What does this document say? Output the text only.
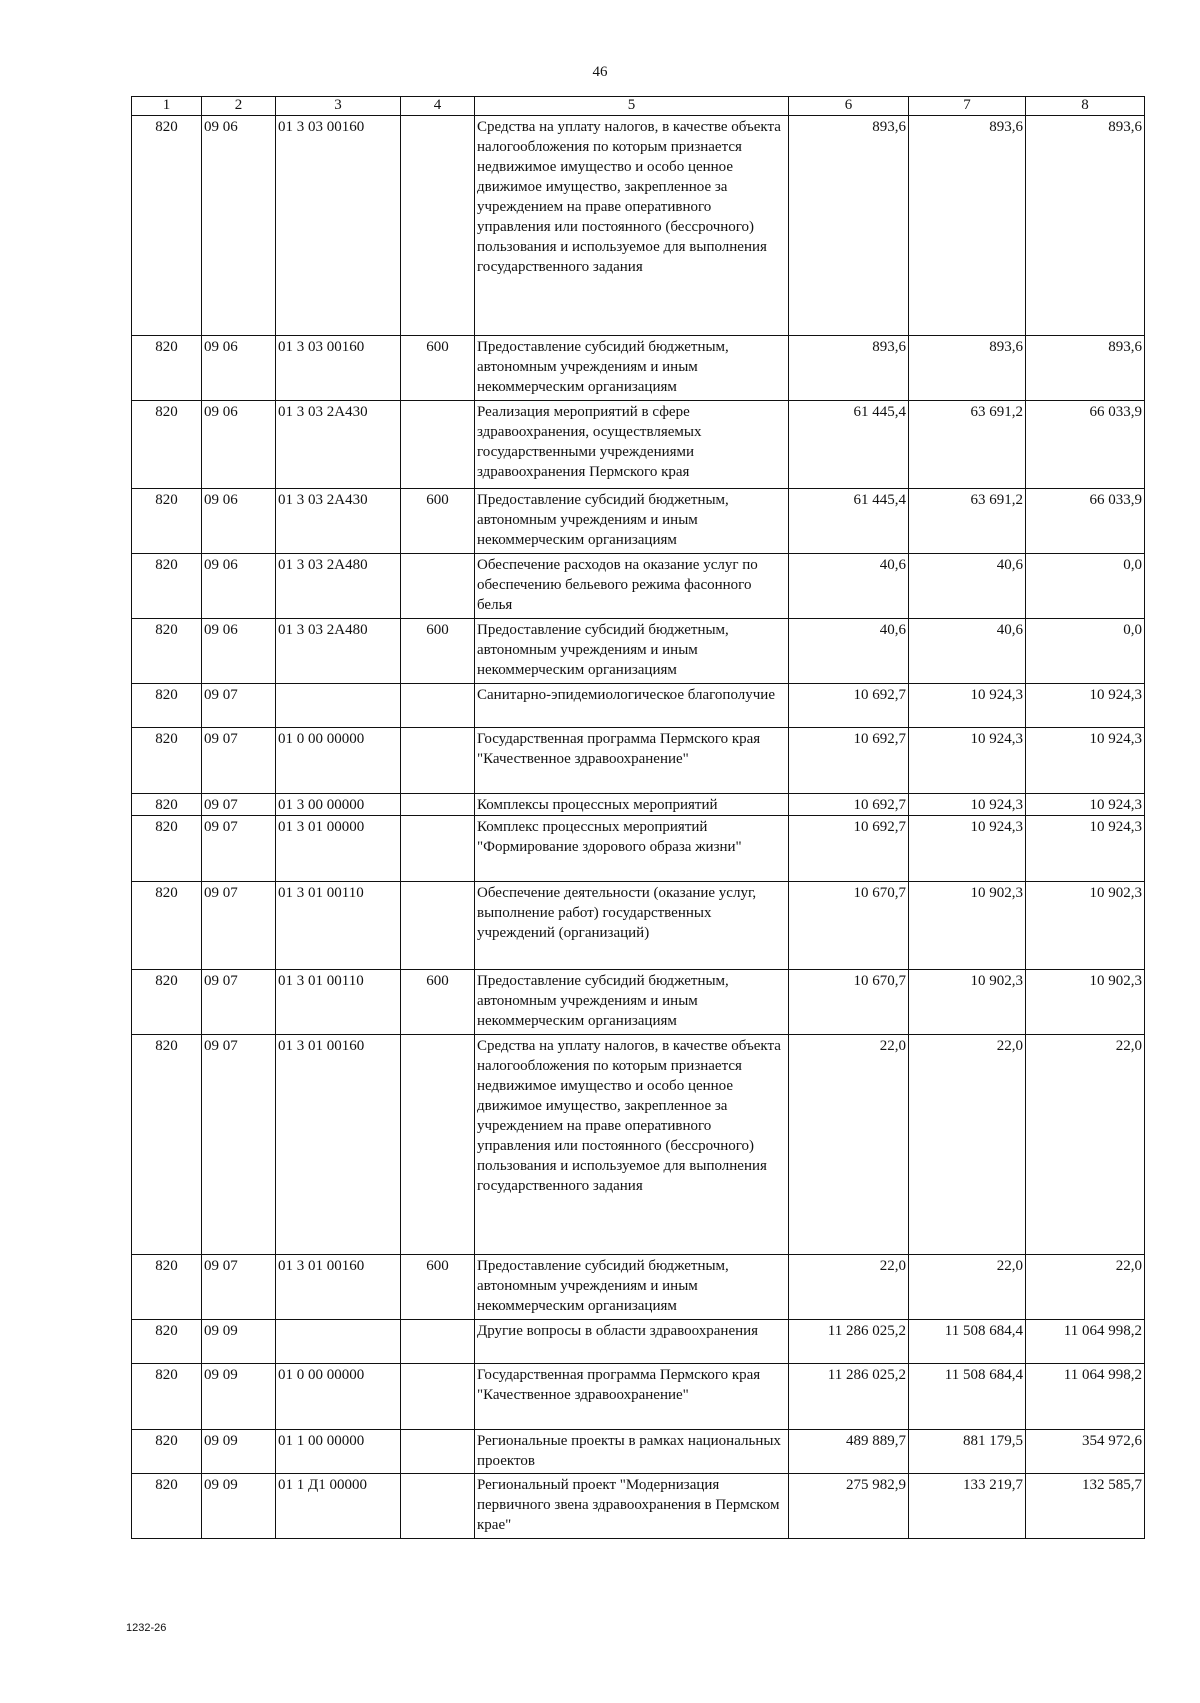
46
1	2	3	4	5	6	7	8
820	09 06	01 3 03 00160		Средства на уплату налогов, в качестве объекта налогообложения по которым признается недвижимое имущество и особо ценное движимое имущество, закрепленное за учреждением на праве оперативного управления или постоянного (бессрочного) пользования и используемое для выполнения государственного задания	893,6	893,6	893,6
820	09 06	01 3 03 00160	600	Предоставление субсидий бюджетным, автономным учреждениям и иным некоммерческим организациям	893,6	893,6	893,6
820	09 06	01 3 03 2А430		Реализация мероприятий в сфере здравоохранения, осуществляемых государственными учреждениями здравоохранения Пермского края	61 445,4	63 691,2	66 033,9
820	09 06	01 3 03 2А430	600	Предоставление субсидий бюджетным, автономным учреждениям и иным некоммерческим организациям	61 445,4	63 691,2	66 033,9
820	09 06	01 3 03 2А480		Обеспечение расходов на оказание услуг по обеспечению бельевого режима фасонного белья	40,6	40,6	0,0
820	09 06	01 3 03 2А480	600	Предоставление субсидий бюджетным, автономным учреждениям и иным некоммерческим организациям	40,6	40,6	0,0
820	09 07			Санитарно-эпидемиологическое благополучие	10 692,7	10 924,3	10 924,3
820	09 07	01 0 00 00000		Государственная программа Пермского края "Качественное здравоохранение"	10 692,7	10 924,3	10 924,3
820	09 07	01 3 00 00000		Комплексы процессных мероприятий	10 692,7	10 924,3	10 924,3
820	09 07	01 3 01 00000		Комплекс процессных мероприятий "Формирование здорового образа жизни"	10 692,7	10 924,3	10 924,3
820	09 07	01 3 01 00110		Обеспечение деятельности (оказание услуг, выполнение работ) государственных учреждений (организаций)	10 670,7	10 902,3	10 902,3
820	09 07	01 3 01 00110	600	Предоставление субсидий бюджетным, автономным учреждениям и иным некоммерческим организациям	10 670,7	10 902,3	10 902,3
820	09 07	01 3 01 00160		Средства на уплату налогов, в качестве объекта налогообложения по которым признается недвижимое имущество и особо ценное движимое имущество, закрепленное за учреждением на праве оперативного управления или постоянного (бессрочного) пользования и используемое для выполнения государственного задания	22,0	22,0	22,0
820	09 07	01 3 01 00160	600	Предоставление субсидий бюджетным, автономным учреждениям и иным некоммерческим организациям	22,0	22,0	22,0
820	09 09			Другие вопросы в области здравоохранения	11 286 025,2	11 508 684,4	11 064 998,2
820	09 09	01 0 00 00000		Государственная программа Пермского края "Качественное здравоохранение"	11 286 025,2	11 508 684,4	11 064 998,2
820	09 09	01 1 00 00000		Региональные проекты в рамках национальных проектов	489 889,7	881 179,5	354 972,6
820	09 09	01 1 Д1 00000		Региональный проект "Модернизация первичного звена здравоохранения в Пермском крае"	275 982,9	133 219,7	132 585,7
1232-26
